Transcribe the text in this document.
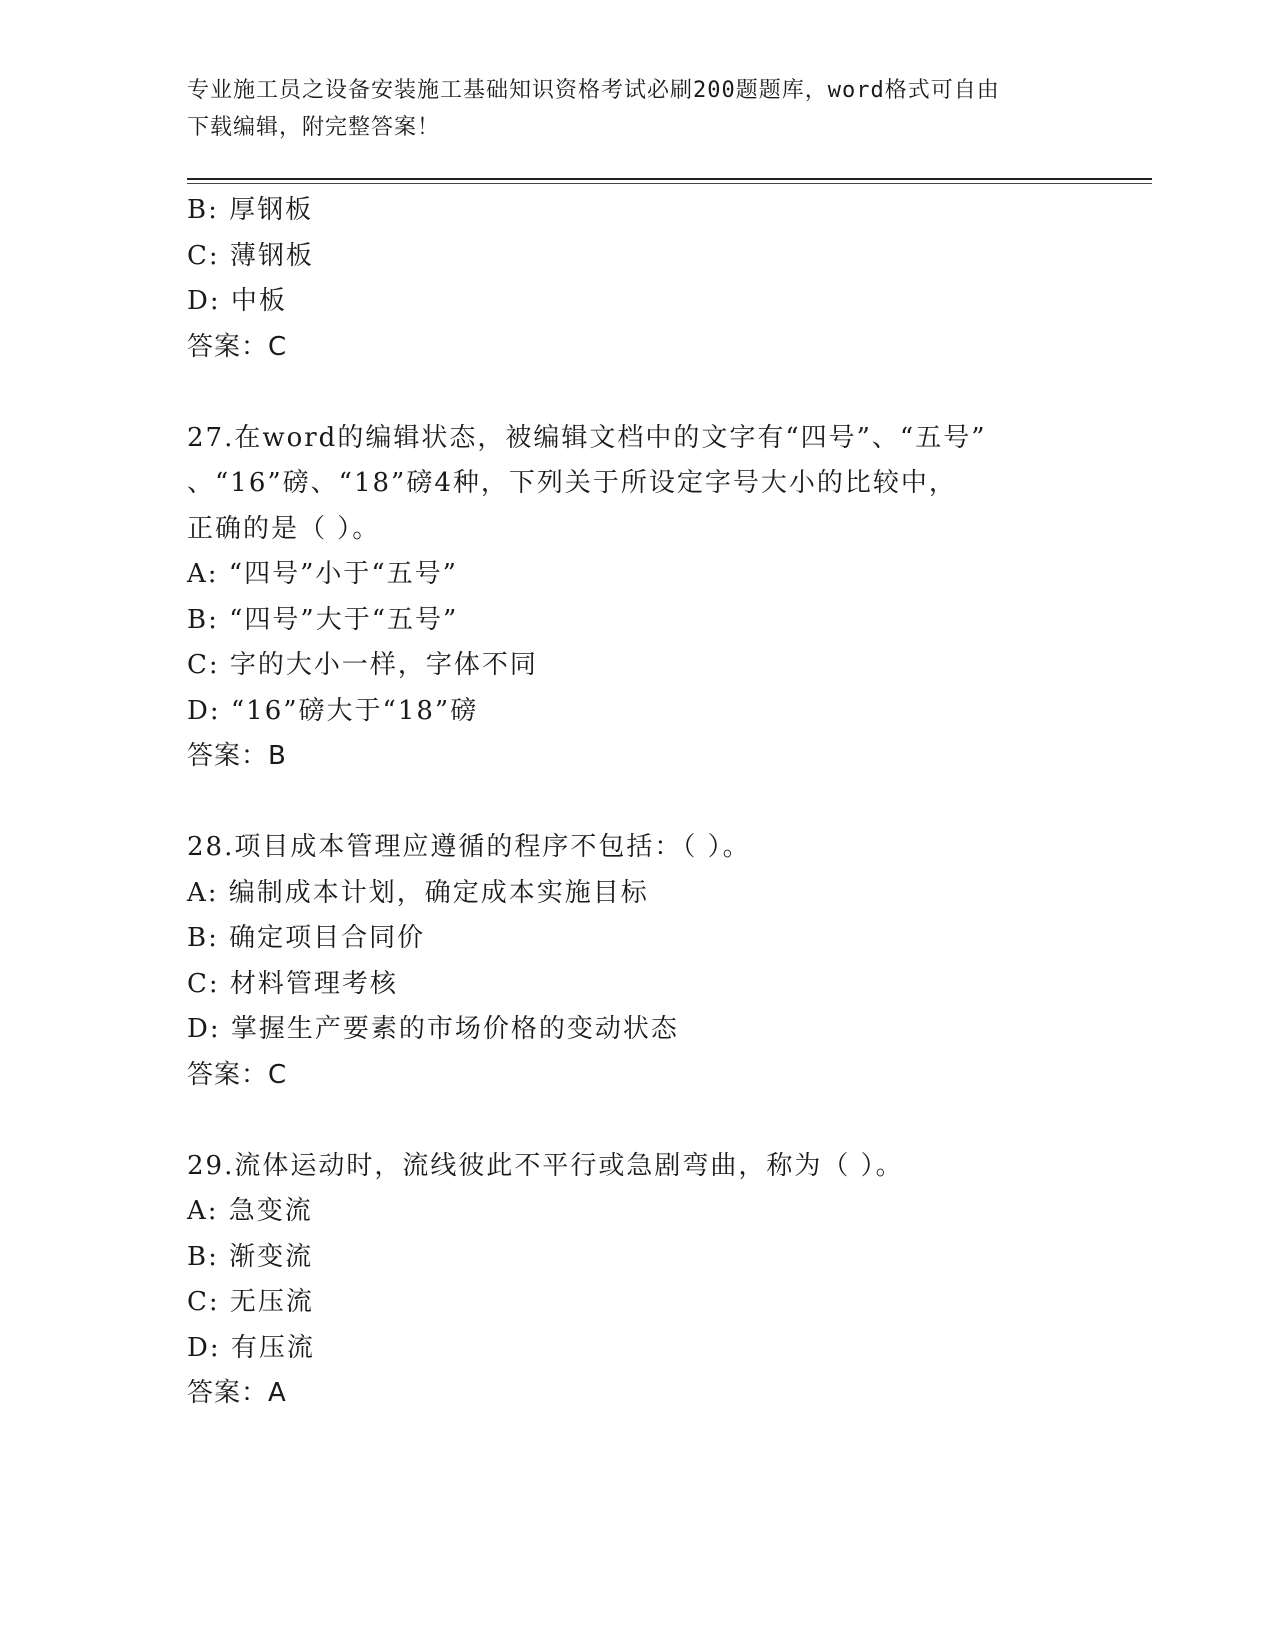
专业施工员之设备安装施工基础知识资格考试必刷200题题库，word格式可自由
下载编辑，附完整答案！
B: 厚钢板
C: 薄钢板
D: 中板
答案：C
27.在word的编辑状态，被编辑文档中的文字有“四号”、“五号”
、“16”磅、“18”磅4种，下列关于所设定字号大小的比较中，
正确的是（ ）。
A: “四号”小于“五号”
B: “四号”大于“五号”
C: 字的大小一样，字体不同
D: “16”磅大于“18”磅
答案：B
28.项目成本管理应遵循的程序不包括：（ ）。
A: 编制成本计划，确定成本实施目标
B: 确定项目合同价
C: 材料管理考核
D: 掌握生产要素的市场价格的变动状态
答案：C
29.流体运动时，流线彼此不平行或急剧弯曲，称为（ ）。
A: 急变流
B: 渐变流
C: 无压流
D: 有压流
答案：A
